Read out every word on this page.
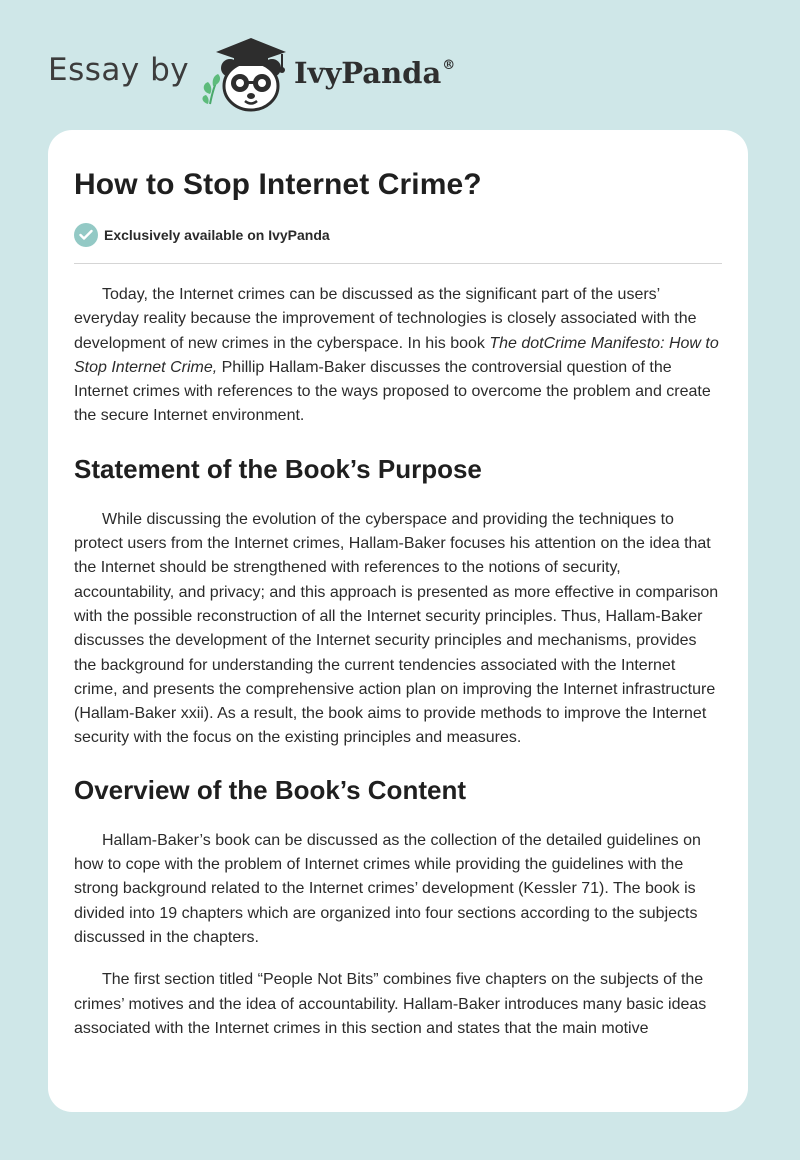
Essay by	IvyPanda®
How to Stop Internet Crime?
Exclusively available on IvyPanda

Today, the Internet crimes can be discussed as the significant part of the users’ everyday reality because the improvement of technologies is closely associated with the development of new crimes in the cyberspace. In his book The dotCrime Manifesto: How to Stop Internet Crime, Phillip Hallam-Baker discusses the controversial question of the Internet crimes with references to the ways proposed to overcome the problem and create the secure Internet environment.

Statement of the Book’s Purpose

While discussing the evolution of the cyberspace and providing the techniques to protect users from the Internet crimes, Hallam-Baker focuses his attention on the idea that the Internet should be strengthened with references to the notions of security, accountability, and privacy; and this approach is presented as more effective in comparison with the possible reconstruction of all the Internet security principles. Thus, Hallam-Baker discusses the development of the Internet security principles and mechanisms, provides the background for understanding the current tendencies associated with the Internet crime, and presents the comprehensive action plan on improving the Internet infrastructure (Hallam-Baker xxii). As a result, the book aims to provide methods to improve the Internet security with the focus on the existing principles and measures.

Overview of the Book’s Content

Hallam-Baker’s book can be discussed as the collection of the detailed guidelines on how to cope with the problem of Internet crimes while providing the guidelines with the strong background related to the Internet crimes’ development (Kessler 71). The book is divided into 19 chapters which are organized into four sections according to the subjects discussed in the chapters.

The first section titled “People Not Bits” combines five chapters on the subjects of the crimes’ motives and the idea of accountability. Hallam-Baker introduces many basic ideas associated with the Internet crimes in this section and states that the main motive
